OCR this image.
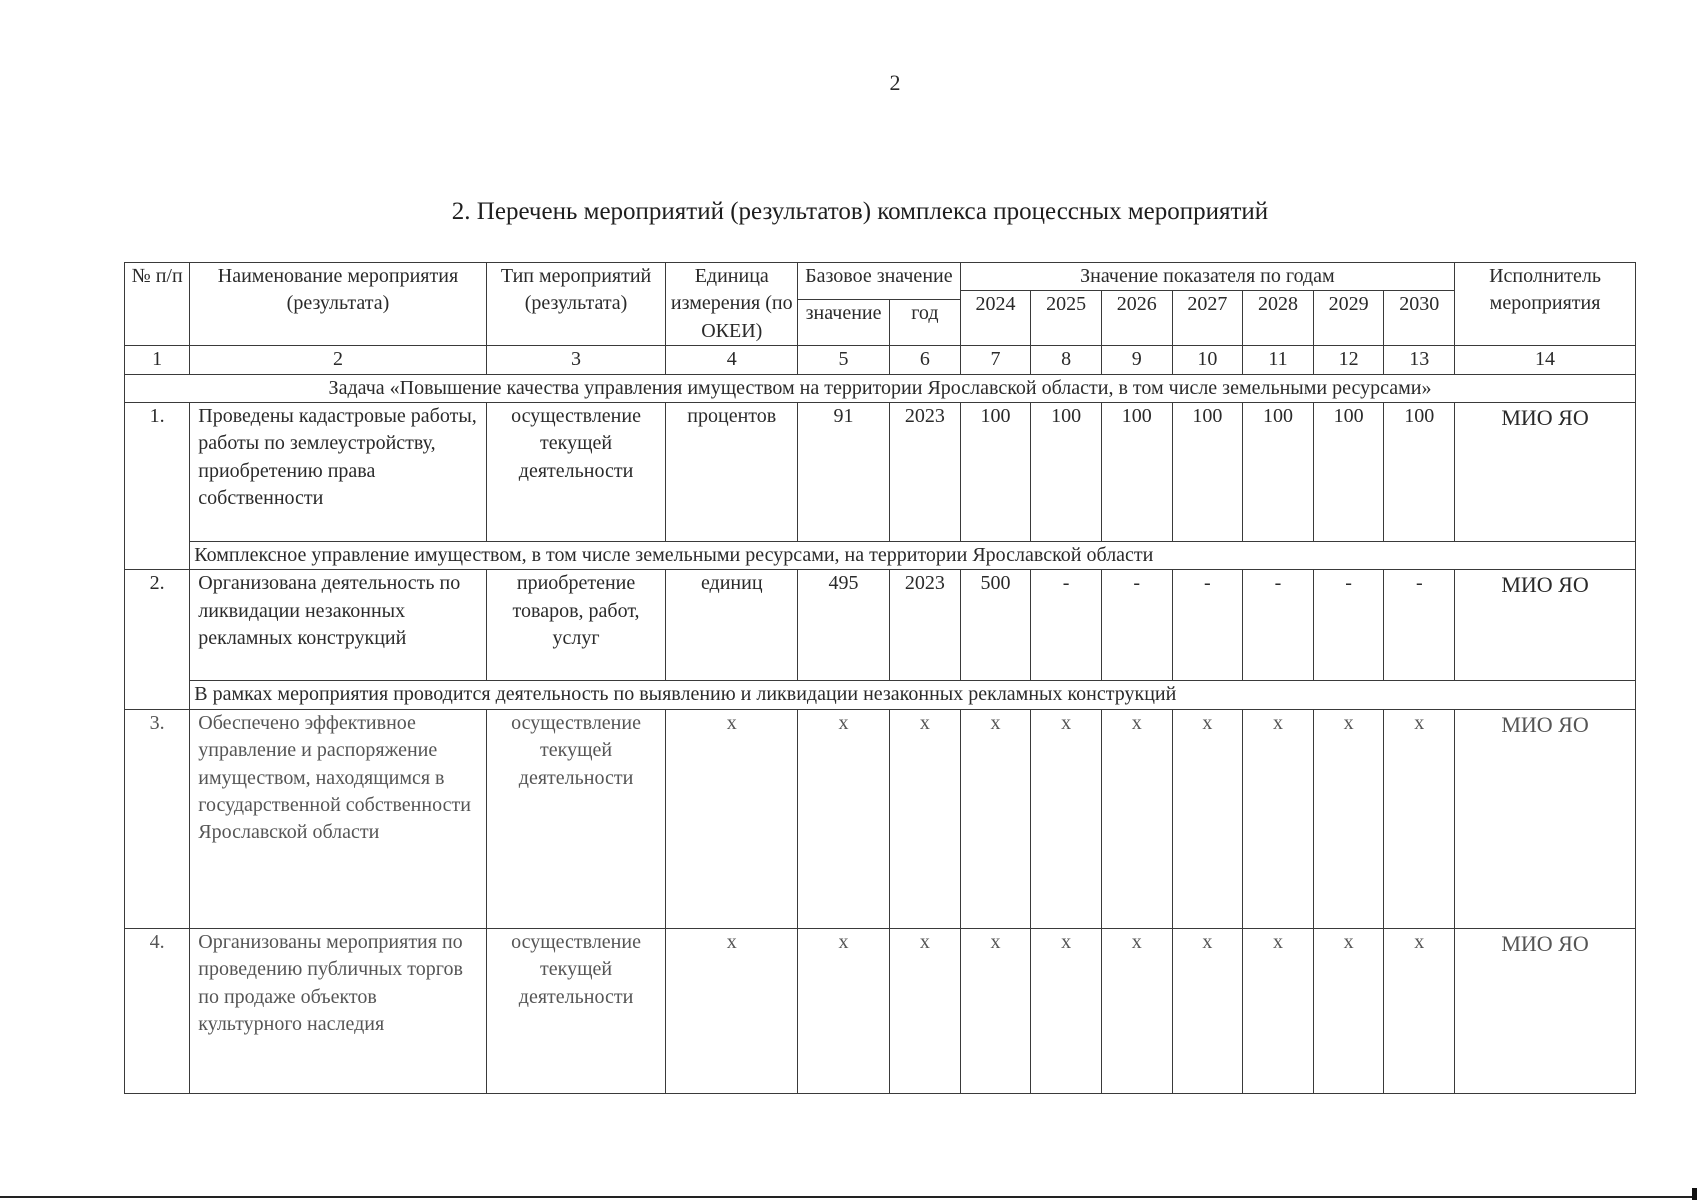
2
2. Перечень мероприятий (результатов) комплекса процессных мероприятий
№ п/п	Наименование мероприятия (результата)	Тип мероприятий (результата)	Единица измерения (по ОКЕИ)	Базовое значение		Значение показателя по годам							Исполнитель мероприятия
						2024	2025	2026	2027	2028	2029	2030	
				значение	год								
1	2	3	4	5	6	7	8	9	10	11	12	13	14
Задача «Повышение качества управления имуществом на территории Ярославской области, в том числе земельными ресурсами»													
1.	Проведены кадастровые работы, работы по землеустройству, приобретению права собственности	осуществление текущей деятельности	процентов	91	2023	100	100	100	100	100	100	100	МИО ЯО
	Комплексное управление имуществом, в том числе земельными ресурсами, на территории Ярославской области												
2.	Организована деятельность по ликвидации незаконных рекламных конструкций	приобретение товаров, работ, услуг	единиц	495	2023	500	-	-	-	-	-	-	МИО ЯО
	В рамках мероприятия проводится деятельность по выявлению и ликвидации незаконных рекламных конструкций												
3.	Обеспечено эффективное управление и распоряжение имуществом, находящимся в государственной собственности Ярославской области	осуществление текущей деятельности	х	х	х	х	х	х	х	х	х	х	МИО ЯО
4.	Организованы мероприятия по проведению публичных торгов по продаже объектов культурного наследия	осуществление текущей деятельности	х	х	х	х	х	х	х	х	х	х	МИО ЯО
